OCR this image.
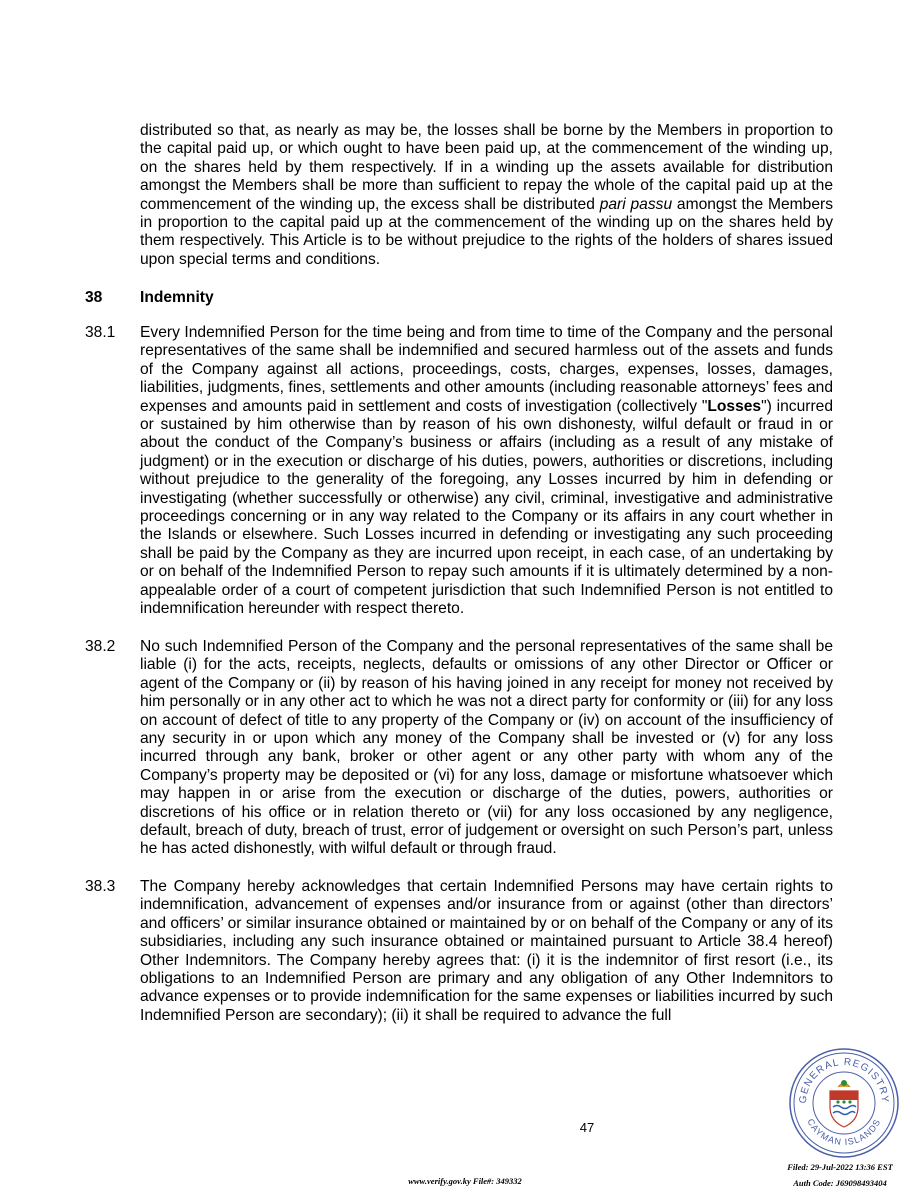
distributed so that, as nearly as may be, the losses shall be borne by the Members in proportion to the capital paid up, or which ought to have been paid up, at the commencement of the winding up, on the shares held by them respectively. If in a winding up the assets available for distribution amongst the Members shall be more than sufficient to repay the whole of the capital paid up at the commencement of the winding up, the excess shall be distributed pari passu amongst the Members in proportion to the capital paid up at the commencement of the winding up on the shares held by them respectively. This Article is to be without prejudice to the rights of the holders of shares issued upon special terms and conditions.
38 Indemnity
38.1 Every Indemnified Person for the time being and from time to time of the Company and the personal representatives of the same shall be indemnified and secured harmless out of the assets and funds of the Company against all actions, proceedings, costs, charges, expenses, losses, damages, liabilities, judgments, fines, settlements and other amounts (including reasonable attorneys’ fees and expenses and amounts paid in settlement and costs of investigation (collectively "Losses") incurred or sustained by him otherwise than by reason of his own dishonesty, wilful default or fraud in or about the conduct of the Company’s business or affairs (including as a result of any mistake of judgment) or in the execution or discharge of his duties, powers, authorities or discretions, including without prejudice to the generality of the foregoing, any Losses incurred by him in defending or investigating (whether successfully or otherwise) any civil, criminal, investigative and administrative proceedings concerning or in any way related to the Company or its affairs in any court whether in the Islands or elsewhere. Such Losses incurred in defending or investigating any such proceeding shall be paid by the Company as they are incurred upon receipt, in each case, of an undertaking by or on behalf of the Indemnified Person to repay such amounts if it is ultimately determined by a non-appealable order of a court of competent jurisdiction that such Indemnified Person is not entitled to indemnification hereunder with respect thereto.
38.2 No such Indemnified Person of the Company and the personal representatives of the same shall be liable (i) for the acts, receipts, neglects, defaults or omissions of any other Director or Officer or agent of the Company or (ii) by reason of his having joined in any receipt for money not received by him personally or in any other act to which he was not a direct party for conformity or (iii) for any loss on account of defect of title to any property of the Company or (iv) on account of the insufficiency of any security in or upon which any money of the Company shall be invested or (v) for any loss incurred through any bank, broker or other agent or any other party with whom any of the Company’s property may be deposited or (vi) for any loss, damage or misfortune whatsoever which may happen in or arise from the execution or discharge of the duties, powers, authorities or discretions of his office or in relation thereto or (vii) for any loss occasioned by any negligence, default, breach of duty, breach of trust, error of judgement or oversight on such Person’s part, unless he has acted dishonestly, with wilful default or through fraud.
38.3 The Company hereby acknowledges that certain Indemnified Persons may have certain rights to indemnification, advancement of expenses and/or insurance from or against (other than directors’ and officers’ or similar insurance obtained or maintained by or on behalf of the Company or any of its subsidiaries, including any such insurance obtained or maintained pursuant to Article 38.4 hereof) Other Indemnitors. The Company hereby agrees that: (i) it is the indemnitor of first resort (i.e., its obligations to an Indemnified Person are primary and any obligation of any Other Indemnitors to advance expenses or to provide indemnification for the same expenses or liabilities incurred by such Indemnified Person are secondary); (ii) it shall be required to advance the full
47
GENERAL REGISTRY
CAYMAN ISLANDS
www.verify.gov.ky File#: 349332
Filed: 29-Jul-2022 13:36 EST
Auth Code: J69098493404
